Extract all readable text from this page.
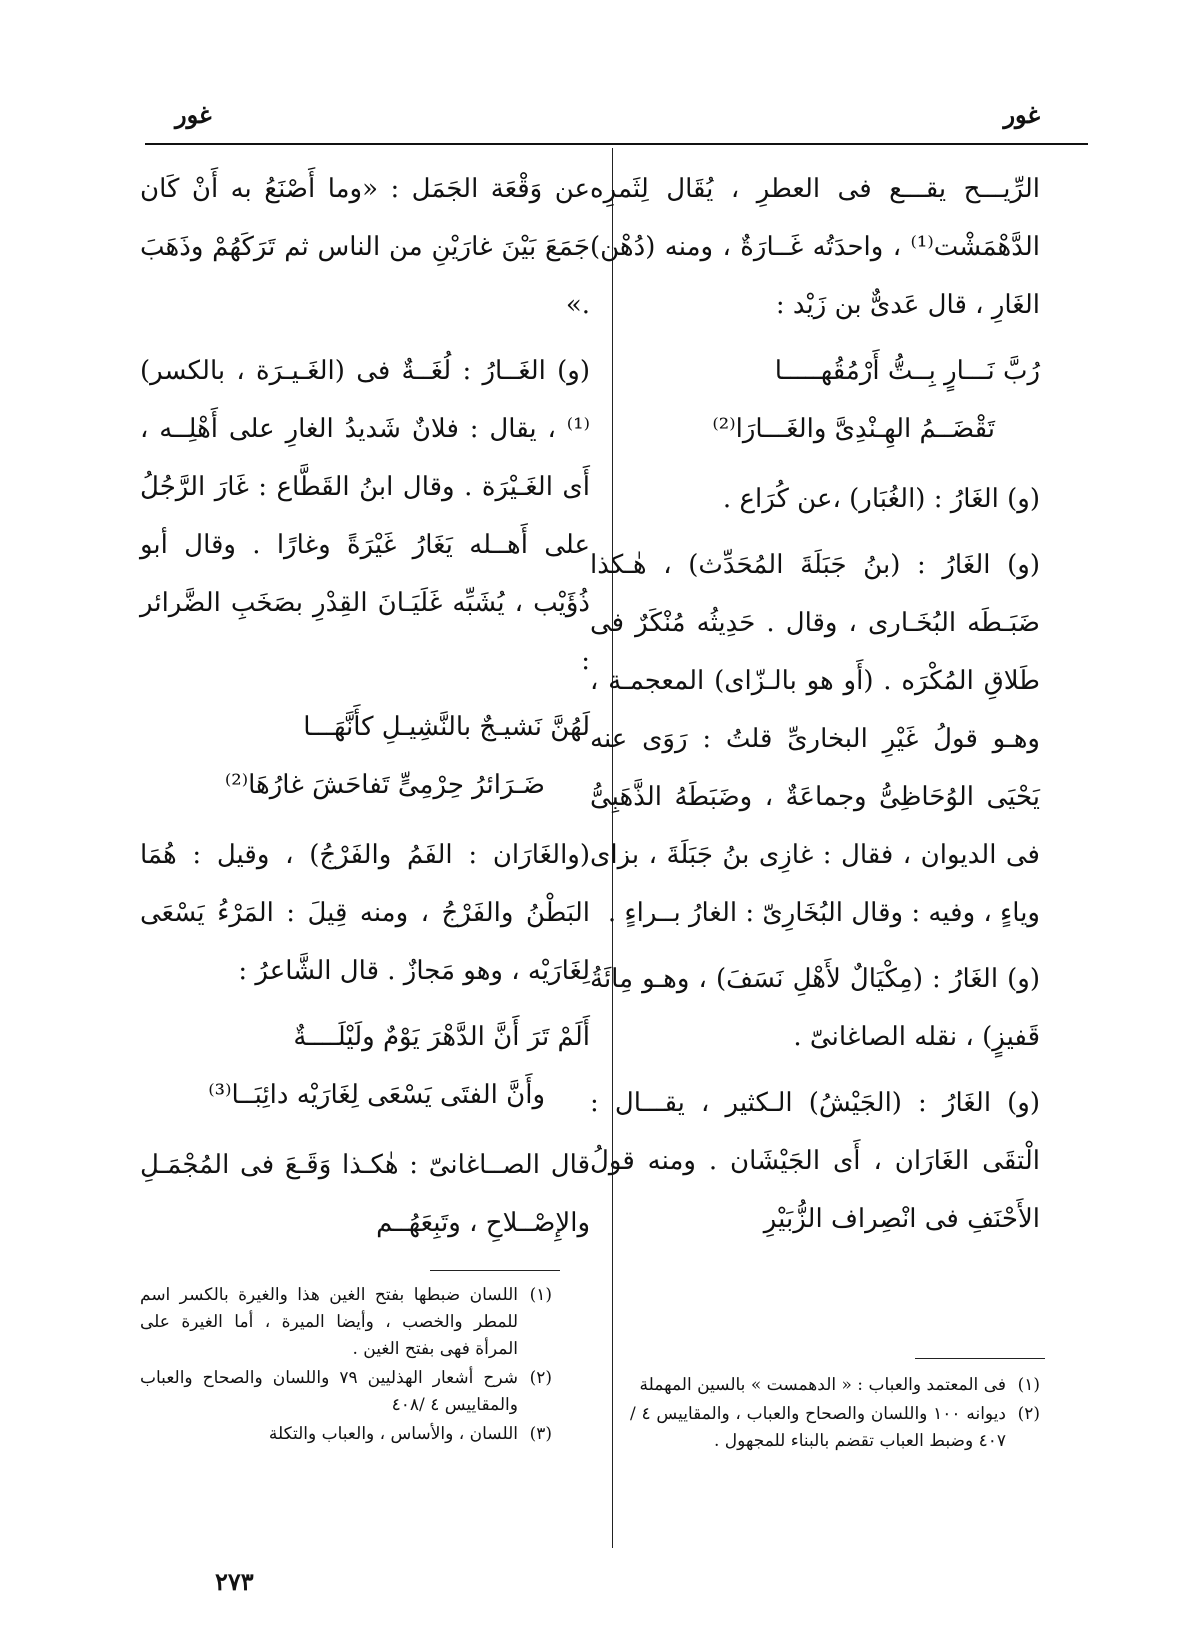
غور
غور

الرِّيـــح يقـــع فى العطرِ ، يُقَال لِثَمرِه الدَّهْمَشْت⁽¹⁾ ، واحدَتُه غَــارَةٌ ، ومنه (دُهْن) الغَارِ ، قال عَدىٌّ بن زَيْد :

رُبَّ نَـــارٍ بِــتُّ أَرْمُقُهـــــا
تَقْضَــمُ الهِـنْدِىَّ والغَـــارَا⁽²⁾

(و) الغَارُ : (الغُبَار) ،عن كُرَاع .

(و) الغَارُ : (بنُ جَبَلَةَ المُحَدِّث) ، هٰـكذا ضَبَـطَه البُخَـارى ، وقال . حَدِيثُه مُنْكَرٌ فى طَلاقِ المُكْرَه . (أَو هو بالـزّاى) المعجمـة ، وهـو قولُ غَيْرِ البخارىِّ قلتُ : رَوَى عنه يَحْيَى الوُحَاظِىُّ وجماعَةٌ ، وضَبَطَهُ الذَّهَبِىُّ فى الديوان ، فقال : غازِى بنُ جَبَلَةَ ، بزاى وياءٍ ، وفيه : وقال البُخَارِىّ : الغارُ بــراءٍ .

(و) الغَارُ : (مِكْيَالٌ لأَهْلِ نَسَفَ) ، وهـو مِائَةُ قَفيزٍ) ، نقله الصاغانىّ .

(و) الغَارُ : (الجَيْشُ) الـكثير ، يقـــال : الْتقَى الغَارَان ، أَى الجَيْشَان . ومنه قولُ الأَحْنَفِ فى انْصِراف الزُّبَيْرِ

عن وَقْعَة الجَمَل : «وما أَصْنَعُ به أَنْ كَان جَمَعَ بَيْنَ غارَيْنِ من الناس ثم تَرَكَهُمْ وذَهَبَ .»

(و) الغَــارُ : لُغَــةٌ فى (الغَـيـرَة ، بالكسر)⁽¹⁾ ، يقال : فلانٌ شَديدُ الغارِ على أَهْلِــه ، أَى الغَـيْرَة . وقال ابنُ القَطَّاع : غَارَ الرَّجُلُ على أَهــله يَغَارُ غَيْرَةً وغارًا . وقال أبو ذُؤَيْب ، يُشَبِّه غَلَيَـانَ القِدْرِ بصَخَبِ الضَّرائر :

لَهُنَّ نَشيـجٌ بالنَّشِيـلِ كأَنَّهَـــا
ضَـرَائرُ حِرْمِىٍّ تَفاحَشَ غارُهَا⁽²⁾

(والغَارَان : الفَمُ والفَرْجُ) ، وقيل : هُمَا البَطْنُ والفَرْجُ ، ومنه قِيلَ : المَرْءُ يَسْعَى لِغَارَيْه ، وهو مَجازٌ . قال الشَّاعرُ :

أَلَمْ تَرَ أَنَّ الدَّهْرَ يَوْمٌ ولَيْلَــــةٌ
وأَنَّ الفتَى يَسْعَى لِغَارَيْه دائِبَــا⁽³⁾

قال الصــاغانىّ : هٰكـذا وَقَـعَ فى المُجْمَـلِ والإِصْــلاحِ ، وتَبِعَهُــم

(١)
اللسان ضبطها بفتح الغين هذا والغيرة بالكسر اسم للمطر والخصب ، وأيضا الميرة ، أما الغيرة على المرأة فهى بفتح الغين .
(٢)
شرح أشعار الهذليين ٧٩ واللسان والصحاح والعباب والمقاييس ٤ /٤٠٨
(٣)
اللسان ، والأساس ، والعباب والتكلة
(١)
فى المعتمد والعباب : « الدهمست » بالسين المهملة
(٢)
ديوانه ١٠٠ واللسان والصحاح والعباب ، والمقاييس ٤ /٤٠٧ وضبط العباب تقضم بالبناء للمجهول .
٢٧٣
